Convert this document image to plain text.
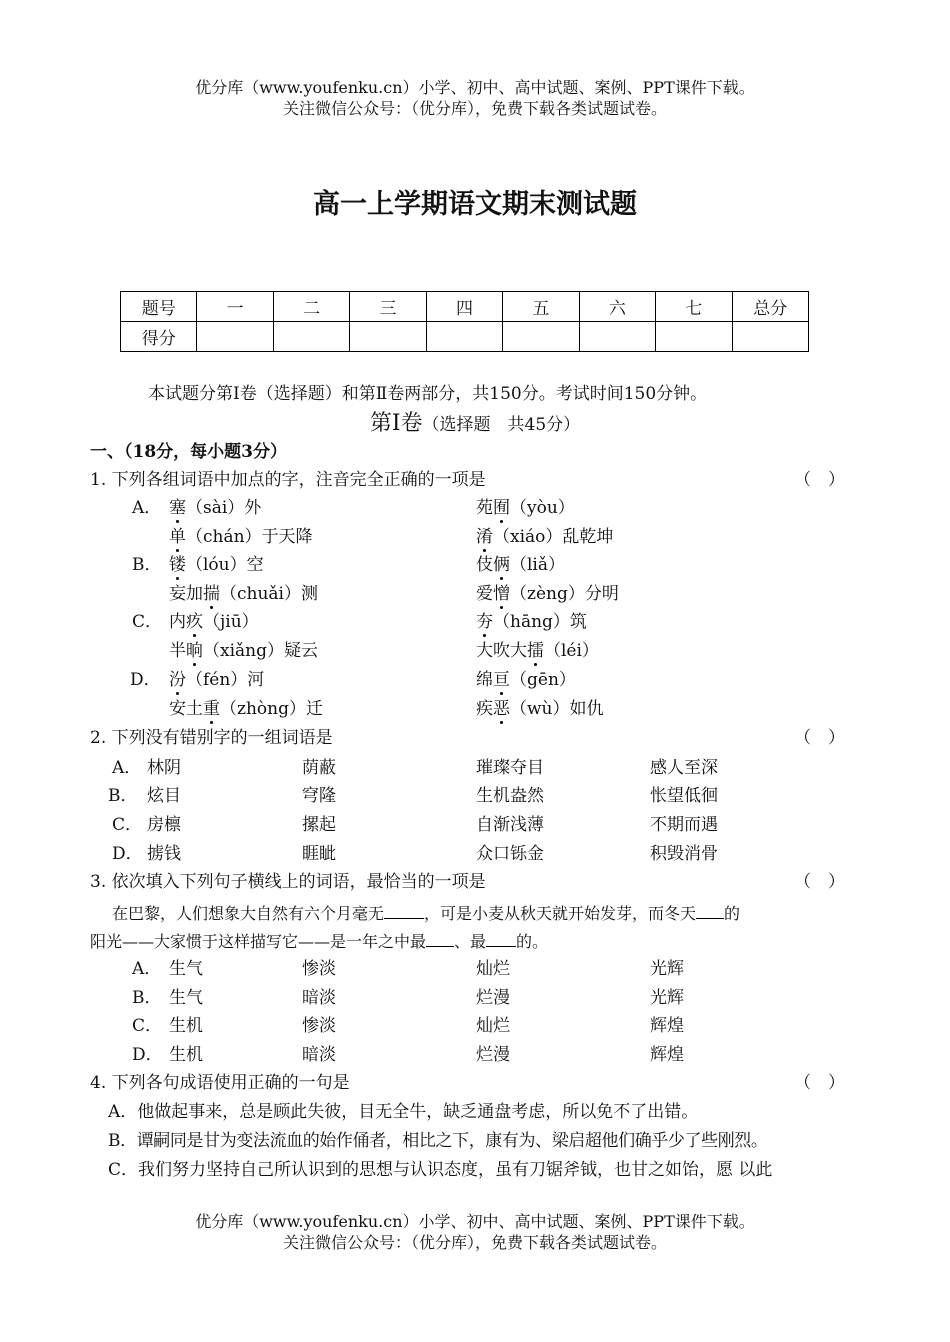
优分库（www.youfenku.cn）小学、初中、高中试题、案例、PPT课件下载。
关注微信公众号：（优分库），免费下载各类试题试卷。
高一上学期语文期末测试题
题号	一	二	三	四	五	六	七	总分
得分								
本试题分第Ⅰ卷（选择题）和第Ⅱ卷两部分，共150分。考试时间150分钟。
第Ⅰ卷（选择题　共45分）
一、（18分，每小题3分）
1. 下列各组词语中加点的字，注音完全正确的一项是	（　）
A． 塞（sài）外	苑囿（yòu）
单（chán）于天降	淆（xiáo）乱乾坤
B． 镂（lóu）空	伎俩（liǎ）
妄加揣（chuǎi）测	爱憎（zèng）分明
C． 内疚（jiū）	夯（hāng）筑
半晌（xiǎng）疑云	大吹大擂（léi）
D． 汾（fén）河	绵亘（gēn）
安土重（zhòng）迁	疾恶（wù）如仇
2. 下列没有错别字的一组词语是	（　）
A． 林阴	荫蔽	璀璨夺目	感人至深
B． 炫目	穹隆	生机盎然	怅望低徊
C． 房檩	摞起	自渐浅薄	不期而遇
D． 掳钱	睚眦	众口铄金	积毁消骨
3. 依次填入下列句子横线上的词语，最恰当的一项是	（　）
在巴黎，人们想象大自然有六个月毫无	，可是小麦从秋天就开始发芽，而冬天 的
阳光——大家惯于这样描写它——是一年之中最 、最 的。
A． 生气	惨淡	灿烂	光辉
B． 生气	暗淡	烂漫	光辉
C． 生机	惨淡	灿烂	辉煌
D． 生机	暗淡	烂漫	辉煌
4. 下列各句成语使用正确的一句是	（　）
A．他做起事来，总是顾此失彼，目无全牛，缺乏通盘考虑，所以免不了出错。
B．谭嗣同是甘为变法流血的始作俑者，相比之下，康有为、梁启超他们确乎少了些刚烈。
C．我们努力坚持自己所认识到的思想与认识态度，虽有刀锯斧钺，也甘之如饴，愿 以此
优分库（www.youfenku.cn）小学、初中、高中试题、案例、PPT课件下载。
关注微信公众号：（优分库），免费下载各类试题试卷。
